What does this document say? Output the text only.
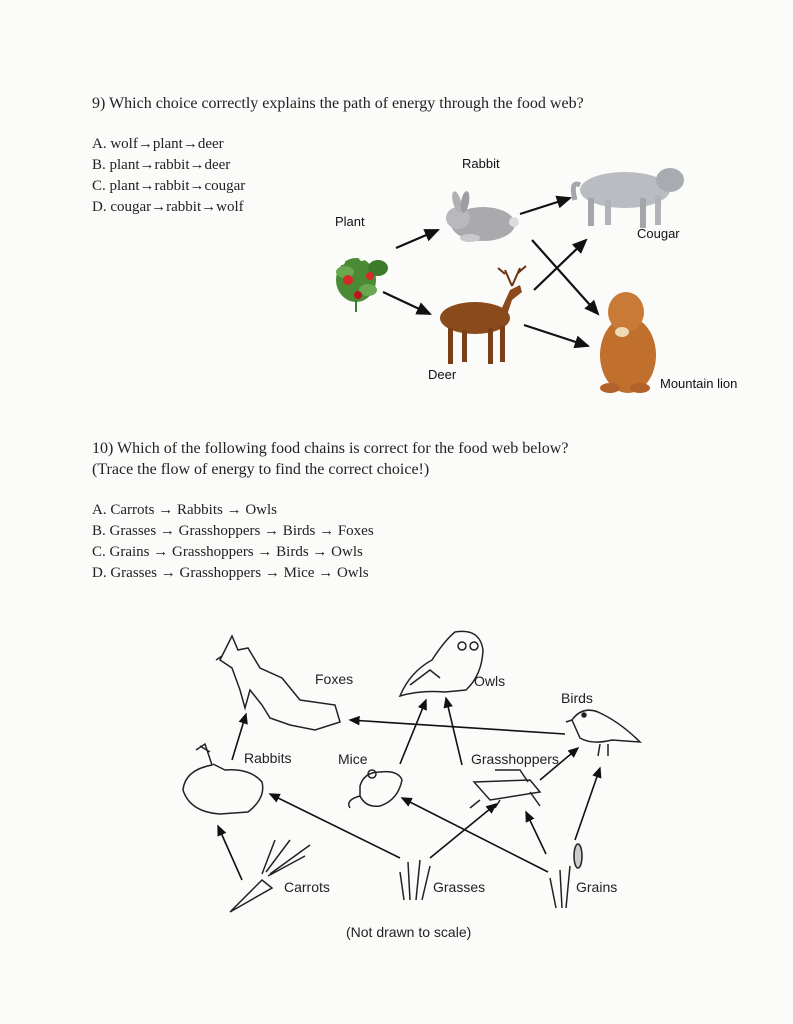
9) Which choice correctly explains the path of energy through the food web?
A. wolf→plant→deer
B. plant→rabbit→deer
C. plant→rabbit→cougar
D. cougar→rabbit→wolf
Rabbit
Plant
Cougar
Deer
Mountain lion
10) Which of the following food chains is correct for the food web below?
(Trace the flow of energy to find the correct choice!)
A. Carrots → Rabbits → Owls
B. Grasses → Grasshoppers → Birds → Foxes
C. Grains → Grasshoppers → Birds → Owls
D. Grasses → Grasshoppers → Mice → Owls
Foxes	Owls
Birds
Rabbits	Mice	Grasshoppers
Carrots	Grasses	Grains
(Not drawn to scale)
